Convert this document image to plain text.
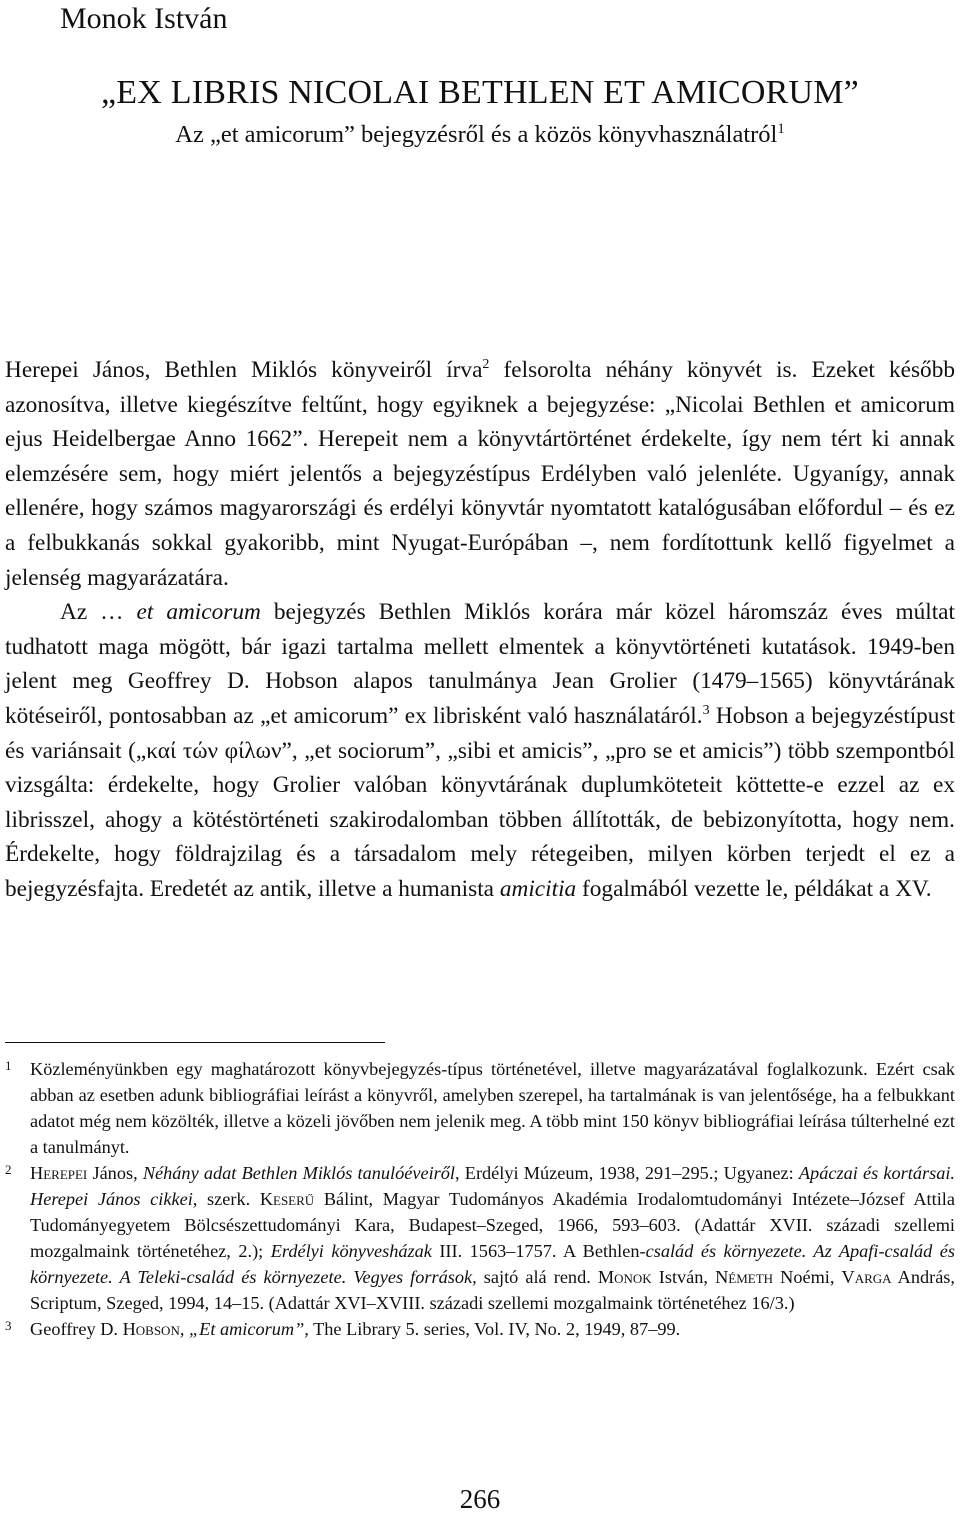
Monok István
„EX LIBRIS NICOLAI BETHLEN ET AMICORUM”
Az „et amicorum” bejegyzésről és a közös könyvhasználatról$^1$

Herepei János, Bethlen Miklós könyveiről írva$^2$ felsorolta néhány könyvét is. Ezeket később azonosítva, illetve kiegészítve feltűnt, hogy egyiknek a bejegyzése: „Nicolai Bethlen et amicorum ejus Heidelbergae Anno 1662”. Herepeit nem a könyvtártörténet érdekelte, így nem tért ki annak elemzésére sem, hogy miért jelentős a bejegyzéstípus Erdélyben való jelenléte. Ugyanígy, annak ellenére, hogy számos magyarországi és erdélyi könyvtár nyomtatott katalógusában előfordul – és ez a felbukkanás sokkal gyakoribb, mint Nyugat-Európában –, nem fordítottunk kellő figyelmet a jelenség magyarázatára.

Az … et amicorum bejegyzés Bethlen Miklós korára már közel háromszáz éves múltat tudhatott maga mögött, bár igazi tartalma mellett elmentek a könyvtörténeti kutatások. 1949-ben jelent meg Geoffrey D. Hobson alapos tanulmánya Jean Grolier (1479–1565) könyvtárának kötéseiről, pontosabban az „et amicorum” ex librisként való használatáról.$^3$ Hobson a bejegyzéstípust és variánsait („καί τών φίλων”, „et sociorum”, „sibi et amicis”, „pro se et amicis”) több szempontból vizsgálta: érdekelte, hogy Grolier valóban könyvtárának duplumköteteit köttette-e ezzel az ex librisszel, ahogy a kötéstörténeti szakirodalomban többen állították, de bebizonyította, hogy nem. Érdekelte, hogy földrajzilag és a társadalom mely rétegeiben, milyen körben terjedt el ez a bejegyzésfajta. Eredetét az antik, illetve a humanista amicitia fogalmából vezette le, példákat a XV.

1 Közleményünkben egy maghatározott könyvbejegyzés-típus történetével, illetve magyarázatával foglalkozunk. Ezért csak abban az esetben adunk bibliográfiai leírást a könyvről, amelyben szerepel, ha tartalmának is van jelentősége, ha a felbukkant adatot még nem közölték, illetve a közeli jövőben nem jelenik meg. A több mint 150 könyv bibliográfiai leírása túlterhelné ezt a tanulmányt.
2 Herepei János, Néhány adat Bethlen Miklós tanulóéveiről, Erdélyi Múzeum, 1938, 291–295.; Ugyanez: Apáczai és kortársai. Herepei János cikkei, szerk. Keserű Bálint, Magyar Tudományos Akadémia Irodalomtudományi Intézete–József Attila Tudományegyetem Bölcsészettudományi Kara, Budapest–Szeged, 1966, 593–603. (Adattár XVII. századi szellemi mozgalmaink történetéhez, 2.); Erdélyi könyvesházak III. 1563–1757. A Bethlen-család és környezete. Az Apafi-család és környezete. A Teleki-család és környezete. Vegyes források, sajtó alá rend. Monok István, Németh Noémi, Varga András, Scriptum, Szeged, 1994, 14–15. (Adattár XVI–XVIII. századi szellemi mozgalmaink történetéhez 16/3.)
3 Geoffrey D. Hobson, „Et amicorum”, The Library 5. series, Vol. IV, No. 2, 1949, 87–99.
266
